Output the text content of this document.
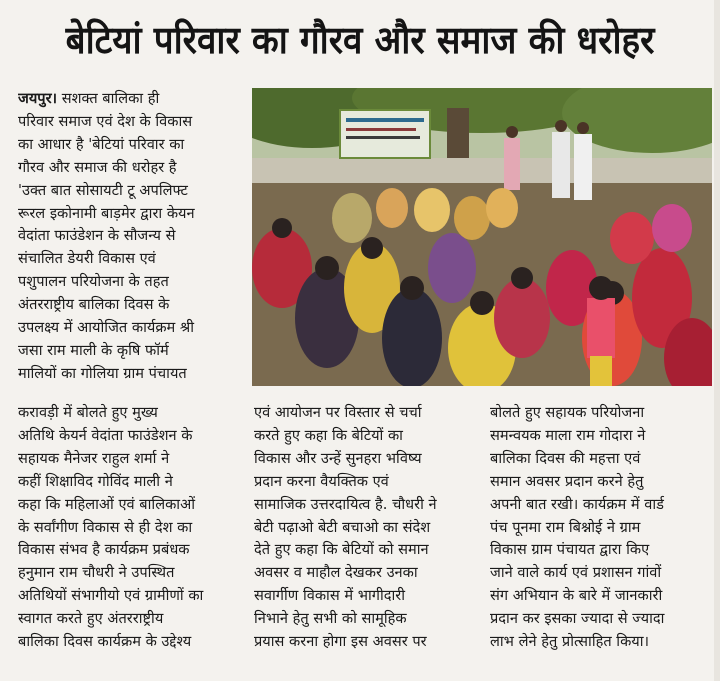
बेटियां परिवार का गौरव और समाज की धरोहर
जयपुर। सशक्त बालिका ही
परिवार समाज एवं देश के विकास
का आधार है 'बेटियां परिवार का
गौरव और समाज की धरोहर है
'उक्त बात सोसायटी टू अपलिफ्ट
रूरल इकोनामी बाड़मेर द्वारा केयन
वेदांता फाउंडेशन के सौजन्य से
संचालित डेयरी विकास एवं
पशुपालन परियोजना के तहत
अंतरराष्ट्रीय बालिका दिवस के
उपलक्ष्य में आयोजित कार्यक्रम श्री
जसा राम माली के कृषि फॉर्म
मालियों का गोलिया ग्राम पंचायत
करावड़ी में बोलते हुए मुख्य
अतिथि केयर्न वेदांता फाउंडेशन के
सहायक मैनेजर राहुल शर्मा ने
कहीं शिक्षाविद गोविंद माली ने
कहा कि महिलाओं एवं बालिकाओं
के सर्वांगीण विकास से ही देश का
विकास संभव है कार्यक्रम प्रबंधक
हनुमान राम चौधरी ने उपस्थित
अतिथियों संभागीयो एवं ग्रामीणों का
स्वागत करते हुए अंतरराष्ट्रीय
बालिका दिवस कार्यक्रम के उद्देश्य
एवं आयोजन पर विस्तार से चर्चा
करते हुए कहा कि बेटियों का
विकास और उन्हें सुनहरा भविष्य
प्रदान करना वैयक्तिक एवं
सामाजिक उत्तरदायित्व है. चौधरी ने
बेटी पढ़ाओ बेटी बचाओ का संदेश
देते हुए कहा कि बेटियों को समान
अवसर व माहौल देखकर उनका
सवार्गीण विकास में भागीदारी
निभाने हेतु सभी को सामूहिक
प्रयास करना होगा इस अवसर पर
बोलते हुए सहायक परियोजना
समन्वयक माला राम गोदारा ने
बालिका दिवस की महत्ता एवं
समान अवसर प्रदान करने हेतु
अपनी बात रखी। कार्यक्रम में वार्ड
पंच पूनमा राम बिश्नोई ने ग्राम
विकास ग्राम पंचायत द्वारा किए
जाने वाले कार्य एवं प्रशासन गांवों
संग अभियान के बारे में जानकारी
प्रदान कर इसका ज्यादा से ज्यादा
लाभ लेने हेतु प्रोत्साहित किया।
